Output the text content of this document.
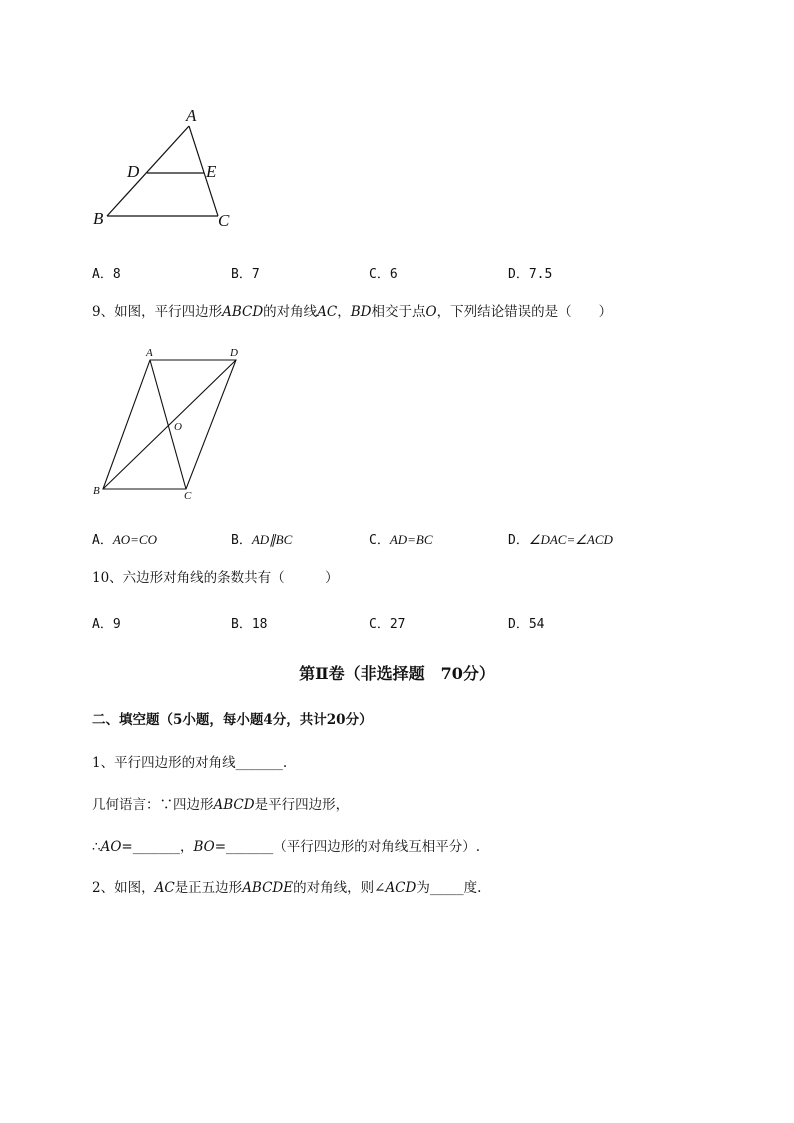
A
D	E
B	C
A．8	B．7	C．6	D．7.5
9、如图，平行四边形ABCD的对角线AC，BD相交于点O，下列结论错误的是（　　）
A	D
O
B	C
A．AO=CO	B．AD∥BC	C．AD=BC	D．∠DAC=∠ACD
10、六边形对角线的条数共有（　　　）
A．9	B．18	C．27	D．54
第Ⅱ卷（非选择题　70分）
二、填空题（5小题，每小题4分，共计20分）
1、平行四边形的对角线_______.
几何语言：∵四边形ABCD是平行四边形，
∴AO=_______，BO=_______（平行四边形的对角线互相平分）.
2、如图，AC是正五边形ABCDE的对角线，则∠ACD为_____度.
